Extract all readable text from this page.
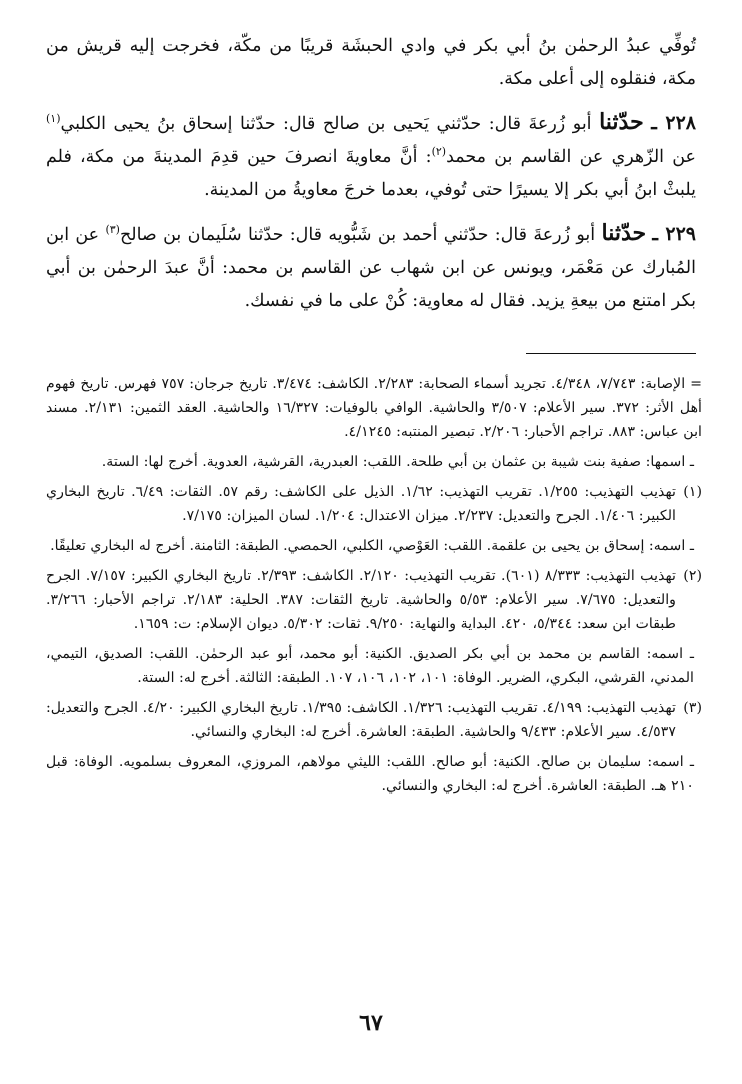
تُوفِّي عبدُ الرحمٰن بنُ أبي بكر في وادي الحبشَة قريبًا من مكّة، فخرجت إليه قريش من مكة، فنقلوه إلى أعلى مكة.

٢٢٨ ـ حدّثنا أبو زُرعةَ قال: حدّثني يَحيى بن صالح قال: حدّثنا إسحاق بنُ يحيى الكلبي$^{(١)}$ عن الزّهري عن القاسم بن محمد$^{(٢)}$: أنَّ معاويةَ انصرفَ حين قدِمَ المدينةَ من مكة، فلم يلبثْ ابنُ أبي بكر إلا يسيرًا حتى تُوفي، بعدما خرجَ معاويةُ من المدينة.

٢٢٩ ـ حدّثنا أبو زُرعةَ قال: حدّثني أحمد بن شَبُّويه قال: حدّثنا سُلَيمان بن صالح$^{(٣)}$ عن ابن المُبارك عن مَعْمَر، ويونس عن ابن شهاب عن القاسم بن محمد: أنَّ عبدَ الرحمٰن بن أبي بكر امتنع من بيعةِ يزيد. فقال له معاوية: كُنْ على ما في نفسك.

= الإصابة: ٧/٧٤٣، ٤/٣٤٨. تجريد أسماء الصحابة: ٢/٢٨٣. الكاشف: ٣/٤٧٤. تاريخ جرجان: ٧٥٧ فهرس. تاريخ فهوم أهل الأثر: ٣٧٢. سير الأعلام: ٣/٥٠٧ والحاشية. الوافي بالوفيات: ١٦/٣٢٧ والحاشية. العقد الثمين: ٢/١٣١. مسند ابن عباس: ٨٨٣. تراجم الأحبار: ٢/٢٠٦. تبصير المنتبه: ٤/١٢٤٥.

ـ اسمها: صفية بنت شيبة بن عثمان بن أبي طلحة. اللقب: العبدرية، القرشية، العدوية. أخرج لها: الستة.

(١)
تهذيب التهذيب: ١/٢٥٥. تقريب التهذيب: ١/٦٢. الذيل على الكاشف: رقم ٥٧. الثقات: ٦/٤٩. تاريخ البخاري الكبير: ١/٤٠٦. الجرح والتعديل: ٢/٢٣٧. ميزان الاعتدال: ١/٢٠٤. لسان الميزان: ٧/١٧٥.

ـ اسمه: إسحاق بن يحيى بن علقمة. اللقب: العَوْصي، الكلبي، الحمصي. الطبقة: الثامنة. أخرج له البخاري تعليقًا.

(٢)
تهذيب التهذيب: ٨/٣٣٣ (٦٠١). تقريب التهذيب: ٢/١٢٠. الكاشف: ٢/٣٩٣. تاريخ البخاري الكبير: ٧/١٥٧. الجرح والتعديل: ٧/٦٧٥. سير الأعلام: ٥/٥٣ والحاشية. تاريخ الثقات: ٣٨٧. الحلية: ٢/١٨٣. تراجم الأحبار: ٣/٢٦٦. طبقات ابن سعد: ٥/٣٤٤، ٤٢٠. البداية والنهاية: ٩/٢٥٠. ثقات: ٥/٣٠٢. ديوان الإسلام: ت: ١٦٥٩.

ـ اسمه: القاسم بن محمد بن أبي بكر الصديق. الكنية: أبو محمد، أبو عبد الرحمٰن. اللقب: الصديق، التيمي، المدني، القرشي، البكري، الضرير. الوفاة: ١٠١، ١٠٢، ١٠٦، ١٠٧. الطبقة: الثالثة. أخرج له: الستة.

(٣)
تهذيب التهذيب: ٤/١٩٩. تقريب التهذيب: ١/٣٢٦. الكاشف: ١/٣٩٥. تاريخ البخاري الكبير: ٤/٢٠. الجرح والتعديل: ٤/٥٣٧. سير الأعلام: ٩/٤٣٣ والحاشية. الطبقة: العاشرة. أخرج له: البخاري والنسائي.

ـ اسمه: سليمان بن صالح. الكنية: أبو صالح. اللقب: الليثي مولاهم، المروزي، المعروف بسلمويه. الوفاة: قبل ٢١٠ هـ. الطبقة: العاشرة. أخرج له: البخاري والنسائي.

٦٧
